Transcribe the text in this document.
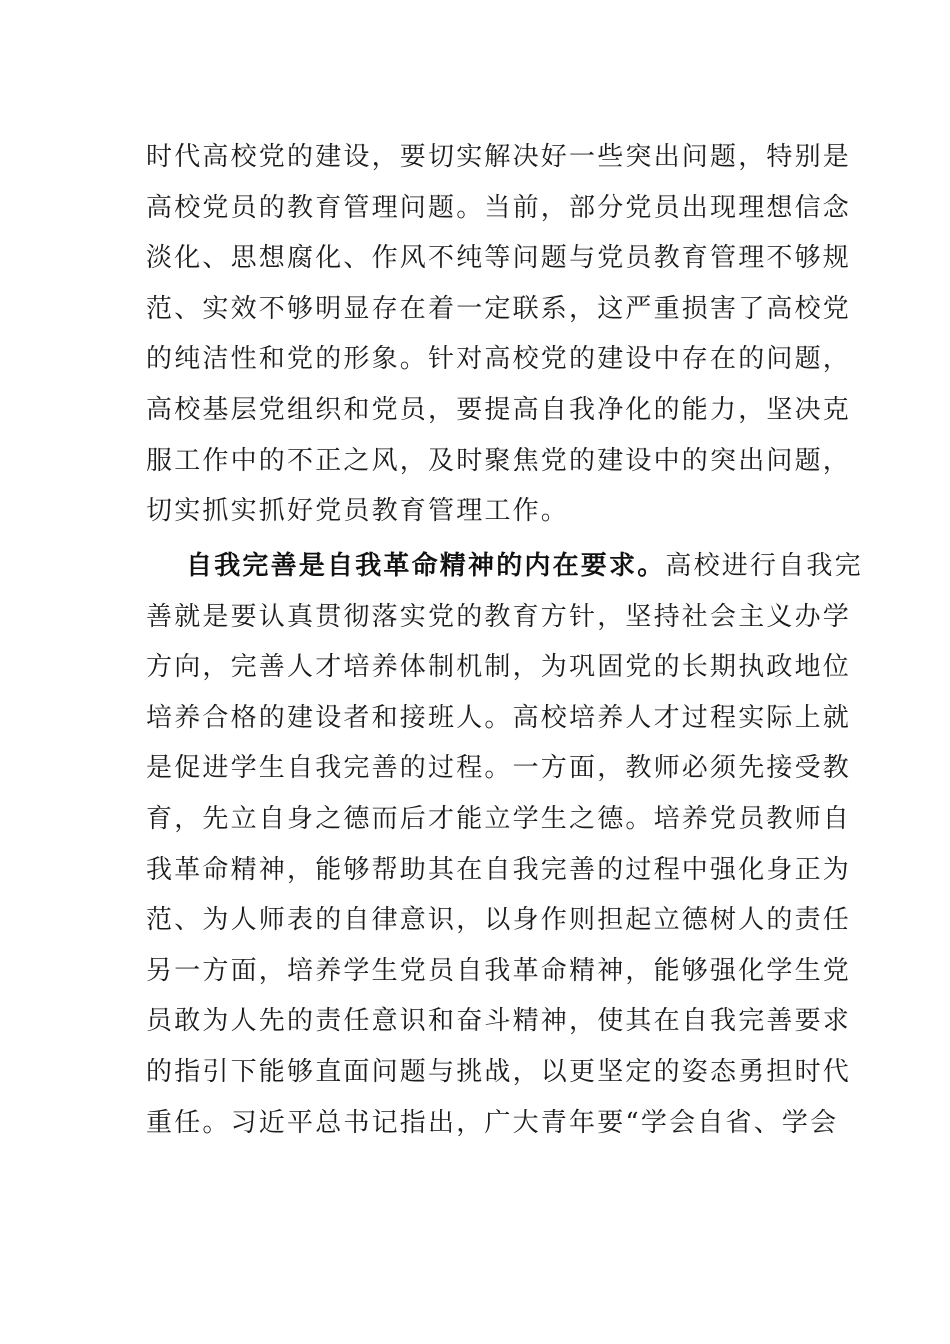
时代高校党的建设，要切实解决好一些突出问题，特别是
高校党员的教育管理问题。当前，部分党员出现理想信念
淡化、思想腐化、作风不纯等问题与党员教育管理不够规
范、实效不够明显存在着一定联系，这严重损害了高校党
的纯洁性和党的形象。针对高校党的建设中存在的问题，
高校基层党组织和党员，要提高自我净化的能力，坚决克
服工作中的不正之风，及时聚焦党的建设中的突出问题，
切实抓实抓好党员教育管理工作。
自我完善是自我革命精神的内在要求。高校进行自我完
善就是要认真贯彻落实党的教育方针，坚持社会主义办学
方向，完善人才培养体制机制，为巩固党的长期执政地位
培养合格的建设者和接班人。高校培养人才过程实际上就
是促进学生自我完善的过程。一方面，教师必须先接受教
育，先立自身之德而后才能立学生之德。培养党员教师自
我革命精神，能够帮助其在自我完善的过程中强化身正为
范、为人师表的自律意识，以身作则担起立德树人的责任
另一方面，培养学生党员自我革命精神，能够强化学生党
员敢为人先的责任意识和奋斗精神，使其在自我完善要求
的指引下能够直面问题与挑战，以更坚定的姿态勇担时代
重任。习近平总书记指出，广大青年要“学会自省、学会
